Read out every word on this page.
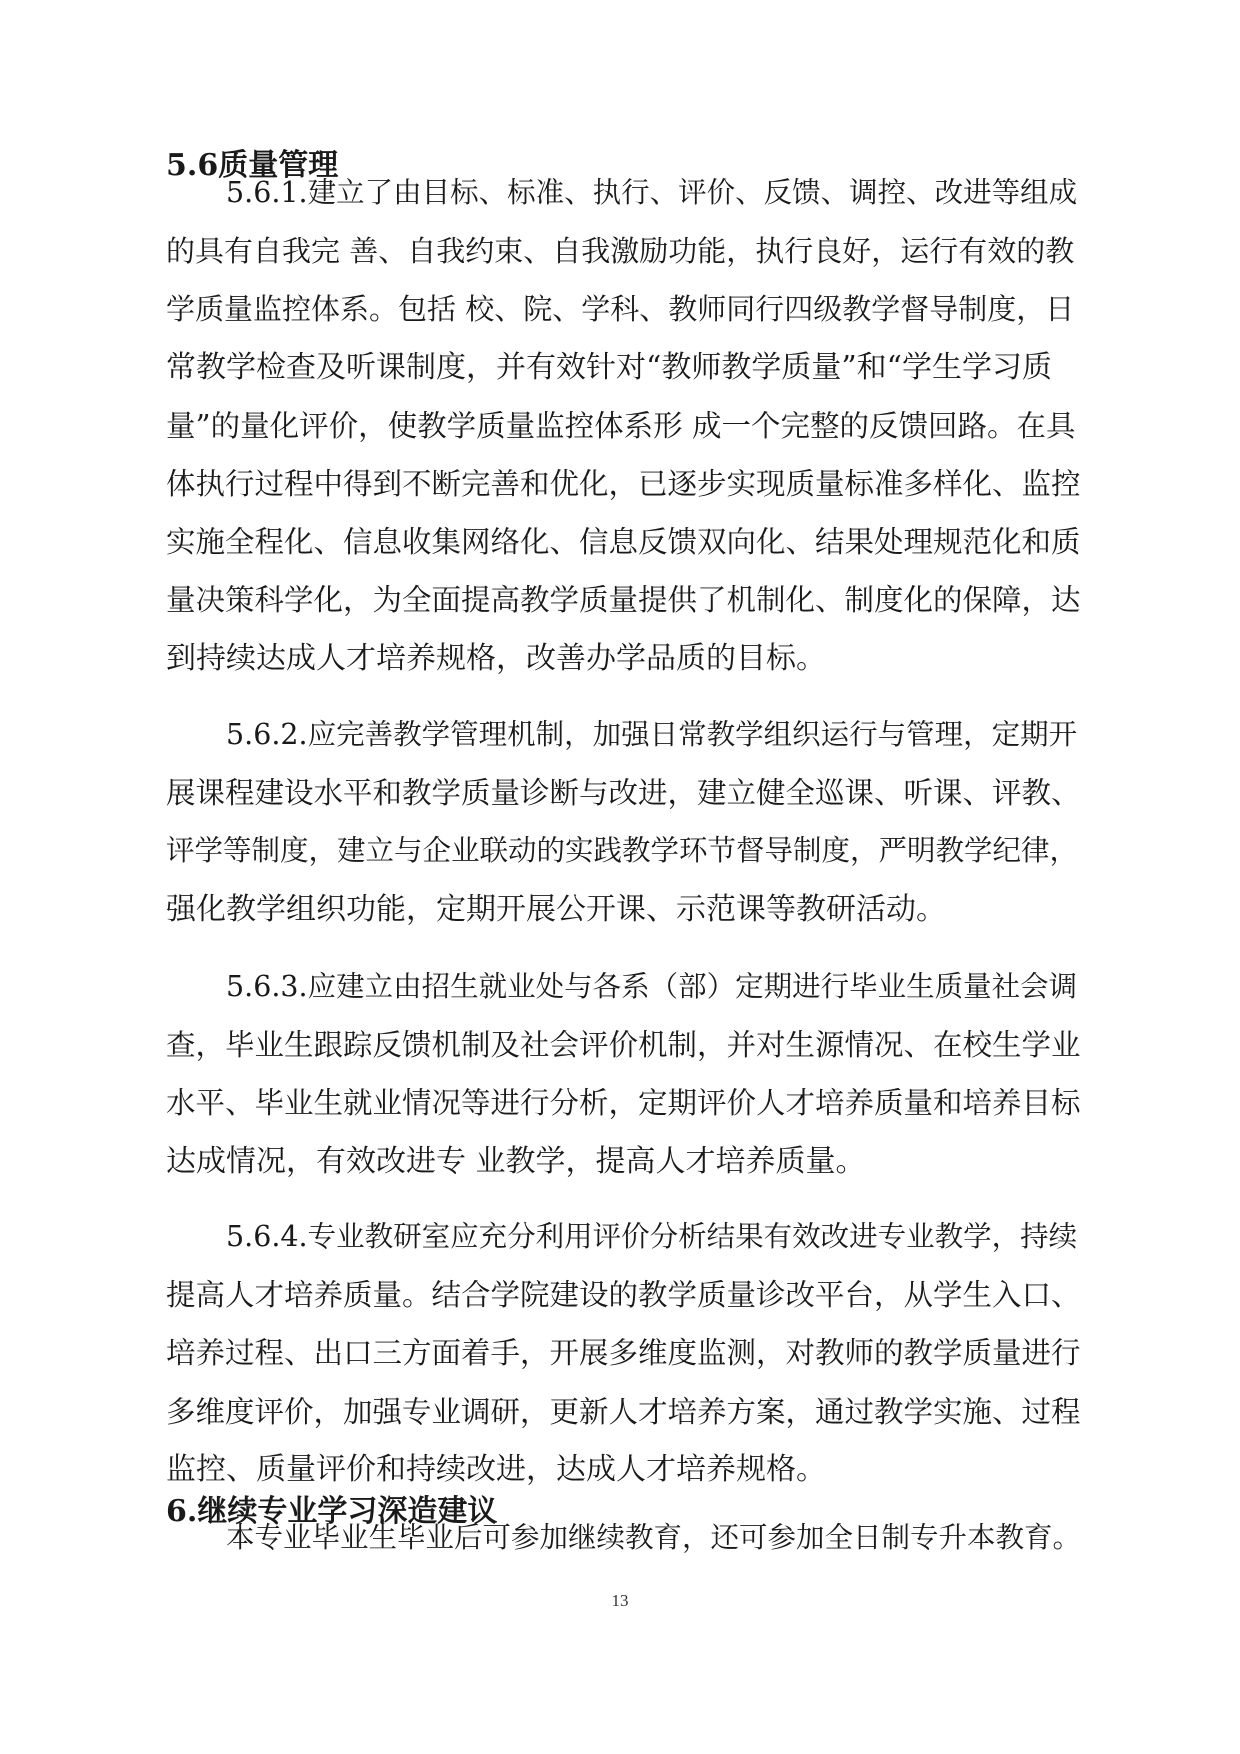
5.6质量管理
5.6.1.建立了由目标、标准、执行、评价、反馈、调控、改进等组成
的具有自我完 善、自我约束、自我激励功能，执行良好，运行有效的教
学质量监控体系。包括 校、院、学科、教师同行四级教学督导制度，日
常教学检查及听课制度，并有效针对“教师教学质量”和“学生学习质
量”的量化评价，使教学质量监控体系形 成一个完整的反馈回路。在具
体执行过程中得到不断完善和优化，已逐步实现质量标准多样化、监控
实施全程化、信息收集网络化、信息反馈双向化、结果处理规范化和质
量决策科学化，为全面提高教学质量提供了机制化、制度化的保障，达
到持续达成人才培养规格，改善办学品质的目标。
5.6.2.应完善教学管理机制，加强日常教学组织运行与管理，定期开
展课程建设水平和教学质量诊断与改进，建立健全巡课、听课、评教、
评学等制度，建立与企业联动的实践教学环节督导制度，严明教学纪律，
强化教学组织功能，定期开展公开课、示范课等教研活动。
5.6.3.应建立由招生就业处与各系（部）定期进行毕业生质量社会调
查，毕业生跟踪反馈机制及社会评价机制，并对生源情况、在校生学业
水平、毕业生就业情况等进行分析，定期评价人才培养质量和培养目标
达成情况，有效改进专 业教学，提高人才培养质量。
5.6.4.专业教研室应充分利用评价分析结果有效改进专业教学，持续
提高人才培养质量。结合学院建设的教学质量诊改平台，从学生入口、
培养过程、出口三方面着手，开展多维度监测，对教师的教学质量进行
多维度评价，加强专业调研，更新人才培养方案，通过教学实施、过程
监控、质量评价和持续改进，达成人才培养规格。
6.继续专业学习深造建议
本专业毕业生毕业后可参加继续教育，还可参加全日制专升本教育。
13
